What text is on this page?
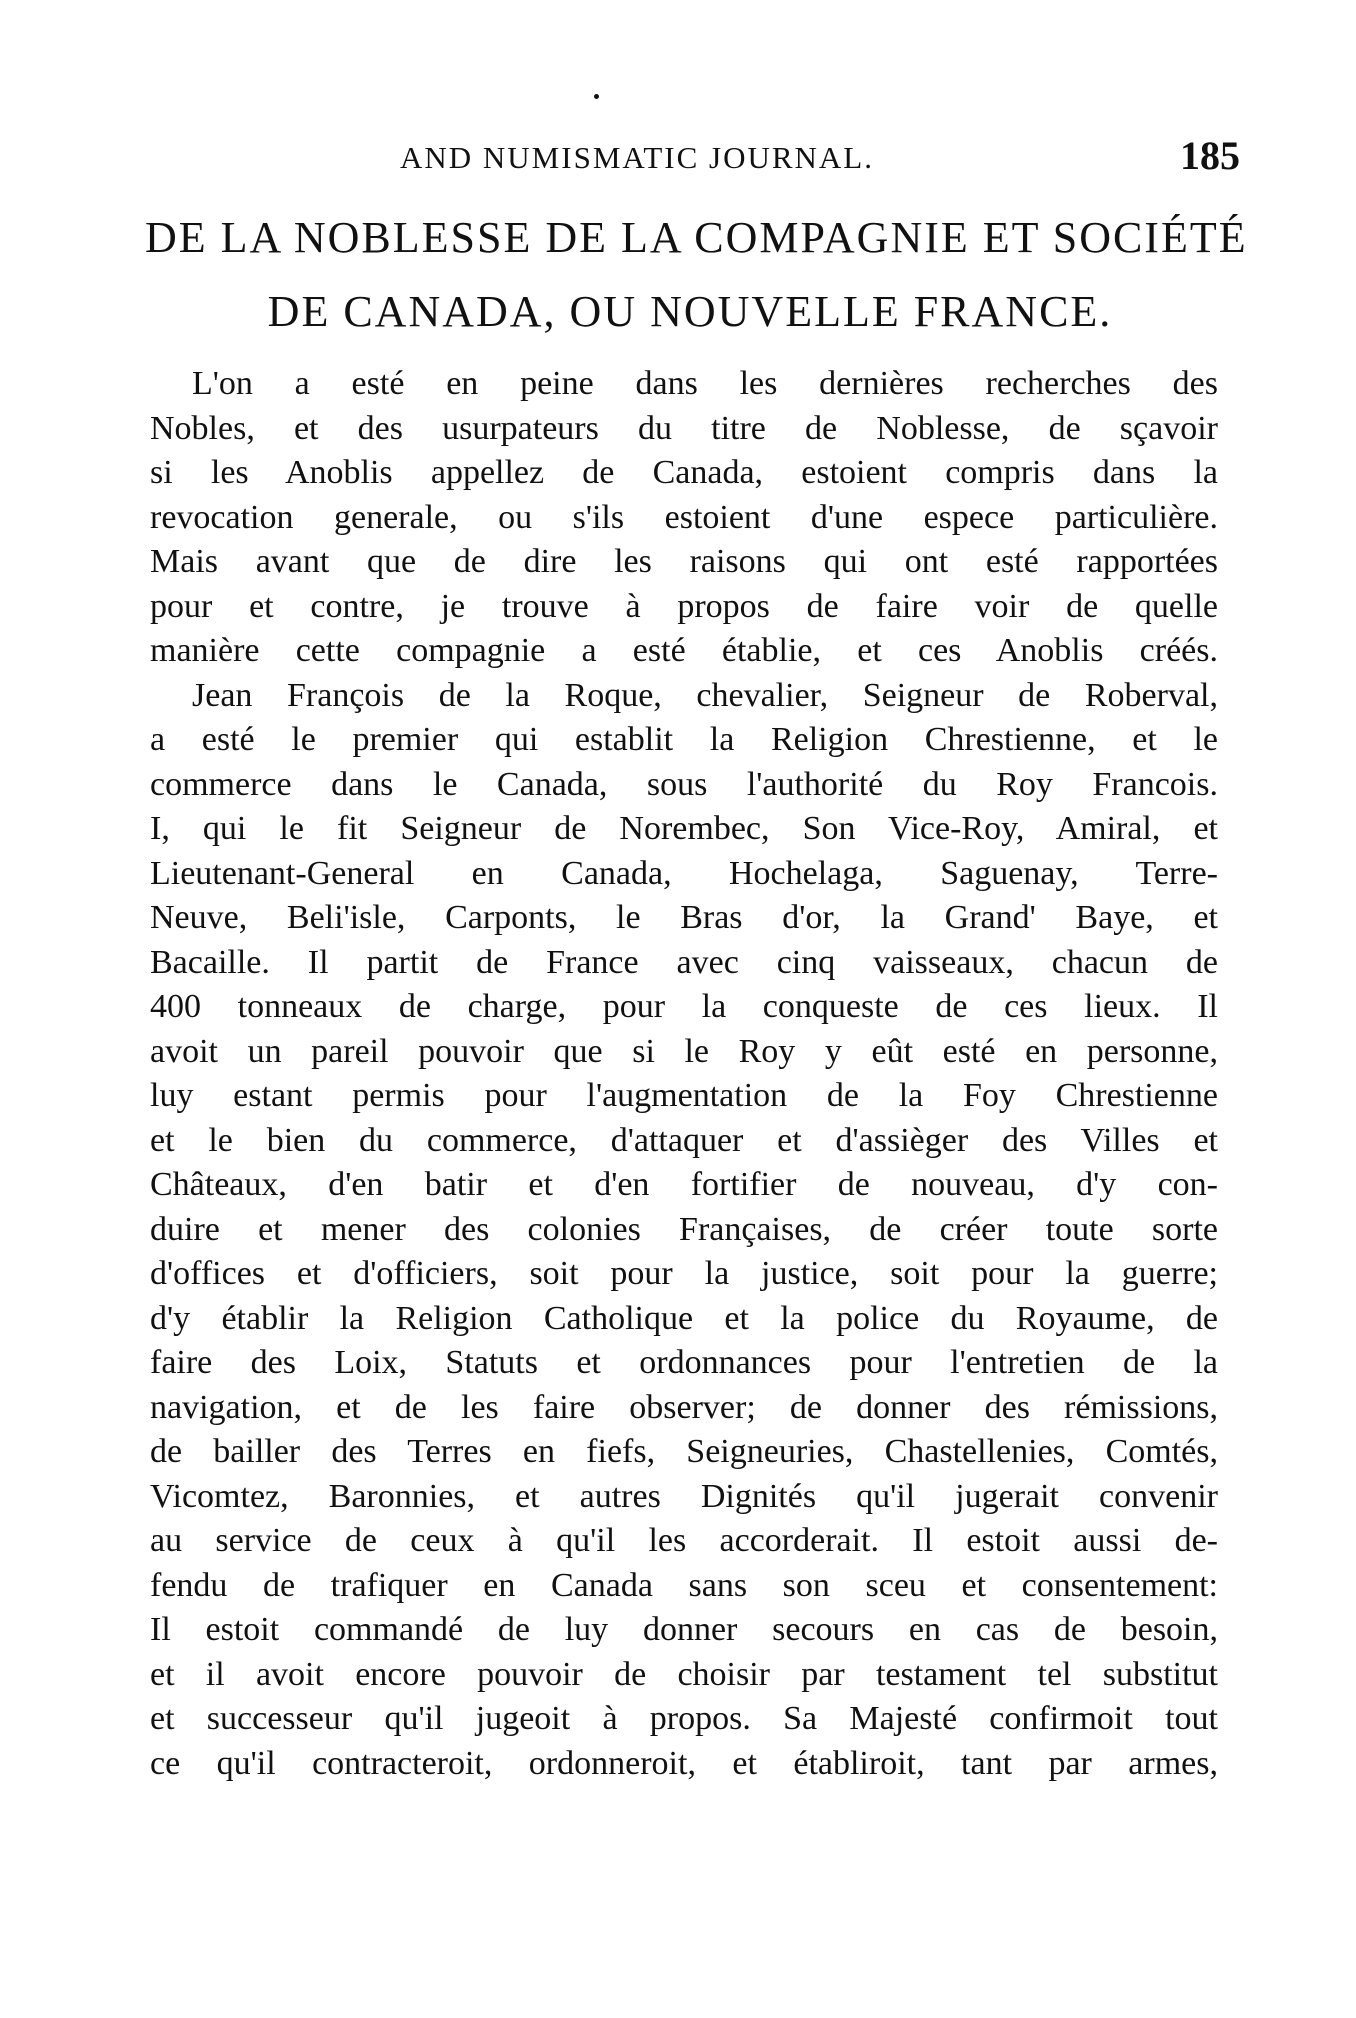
AND NUMISMATIC JOURNAL.	185
DE LA NOBLESSE DE LA COMPAGNIE ET SOCIÉTÉ
DE CANADA, OU NOUVELLE FRANCE.
L'on a esté en peine dans les dernières recherches des
Nobles, et des usurpateurs du titre de Noblesse, de sçavoir
si les Anoblis appellez de Canada, estoient compris dans la
revocation generale, ou s'ils estoient d'une espece particulière.
Mais avant que de dire les raisons qui ont esté rapportées
pour et contre, je trouve à propos de faire voir de quelle
manière cette compagnie a esté établie, et ces Anoblis créés.
Jean François de la Roque, chevalier, Seigneur de Roberval,
a esté le premier qui establit la Religion Chrestienne, et le
commerce dans le Canada, sous l'authorité du Roy Francois.
I, qui le fit Seigneur de Norembec, Son Vice-Roy, Amiral, et
Lieutenant-General en Canada, Hochelaga, Saguenay, Terre-
Neuve, Beli'isle, Carponts, le Bras d'or, la Grand' Baye, et
Bacaille. Il partit de France avec cinq vaisseaux, chacun de
400 tonneaux de charge, pour la conqueste de ces lieux. Il
avoit un pareil pouvoir que si le Roy y eût esté en personne,
luy estant permis pour l'augmentation de la Foy Chrestienne
et le bien du commerce, d'attaquer et d'assièger des Villes et
Châteaux, d'en batir et d'en fortifier de nouveau, d'y con-
duire et mener des colonies Françaises, de créer toute sorte
d'offices et d'officiers, soit pour la justice, soit pour la guerre;
d'y établir la Religion Catholique et la police du Royaume, de
faire des Loix, Statuts et ordonnances pour l'entretien de la
navigation, et de les faire observer; de donner des rémissions,
de bailler des Terres en fiefs, Seigneuries, Chastellenies, Comtés,
Vicomtez, Baronnies, et autres Dignités qu'il jugerait convenir
au service de ceux à qu'il les accorderait. Il estoit aussi de-
fendu de trafiquer en Canada sans son sceu et consentement:
Il estoit commandé de luy donner secours en cas de besoin,
et il avoit encore pouvoir de choisir par testament tel substitut
et successeur qu'il jugeoit à propos. Sa Majesté confirmoit tout
ce qu'il contracteroit, ordonneroit, et établiroit, tant par armes,
